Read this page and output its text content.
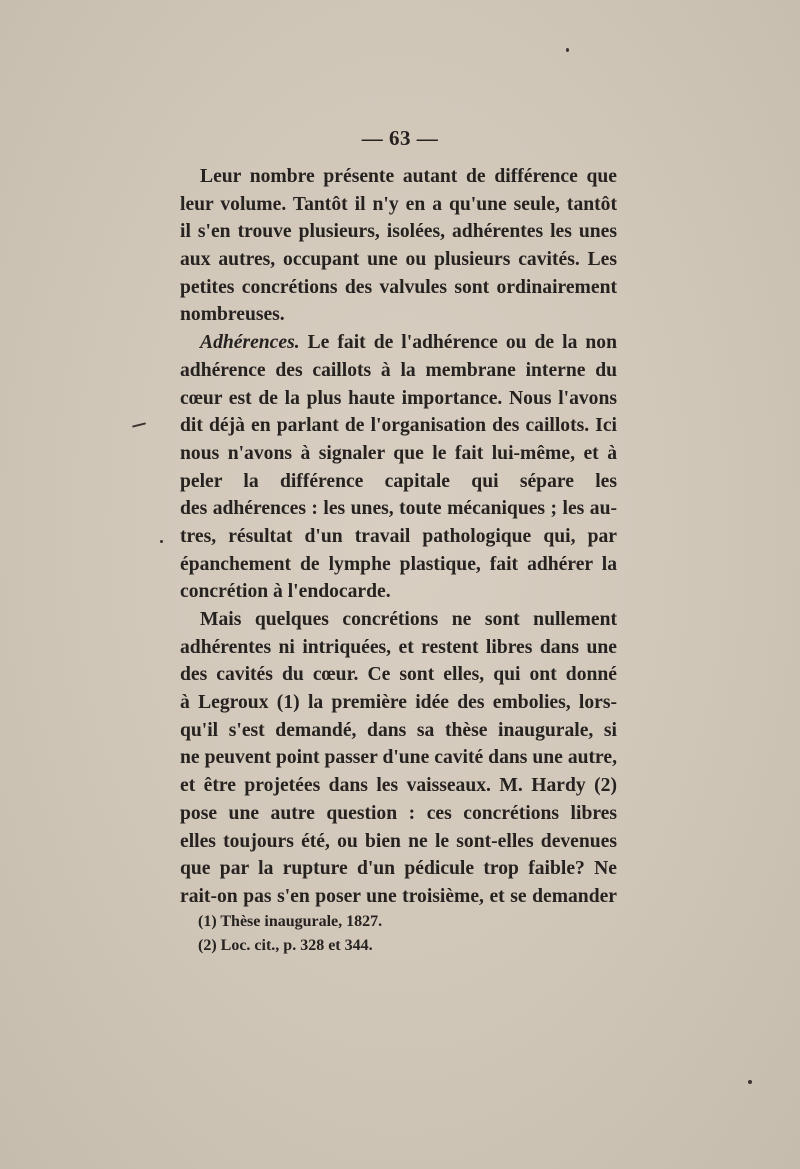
— 63 —
Leur nombre présente autant de différence que
leur volume. Tantôt il n'y en a qu'une seule, tantôt
il s'en trouve plusieurs, isolées, adhérentes les unes
aux autres, occupant une ou plusieurs cavités. Les
petites concrétions des valvules sont ordinairement
nombreuses.
Adhérences. Le fait de l'adhérence ou de la non
adhérence des caillots à la membrane interne du
cœur est de la plus haute importance. Nous l'avons
dit déjà en parlant de l'organisation des caillots. Ici
nous n'avons à signaler que le fait lui-même, et à
peler la différence capitale qui sépare les
des adhérences : les unes, toute mécaniques ; les au-
tres, résultat d'un travail pathologique qui, par
épanchement de lymphe plastique, fait adhérer la
concrétion à l'endocarde.
Mais quelques concrétions ne sont nullement
adhérentes ni intriquées, et restent libres dans une
des cavités du cœur. Ce sont elles, qui ont donné
à Legroux (1) la première idée des embolies, lors-
qu'il s'est demandé, dans sa thèse inaugurale, si
ne peuvent point passer d'une cavité dans une autre,
et être projetées dans les vaisseaux. M. Hardy (2)
pose une autre question : ces concrétions libres
elles toujours été, ou bien ne le sont-elles devenues
que par la rupture d'un pédicule trop faible? Ne
rait-on pas s'en poser une troisième, et se demander
(1) Thèse inaugurale, 1827.
(2) Loc. cit., p. 328 et 344.
